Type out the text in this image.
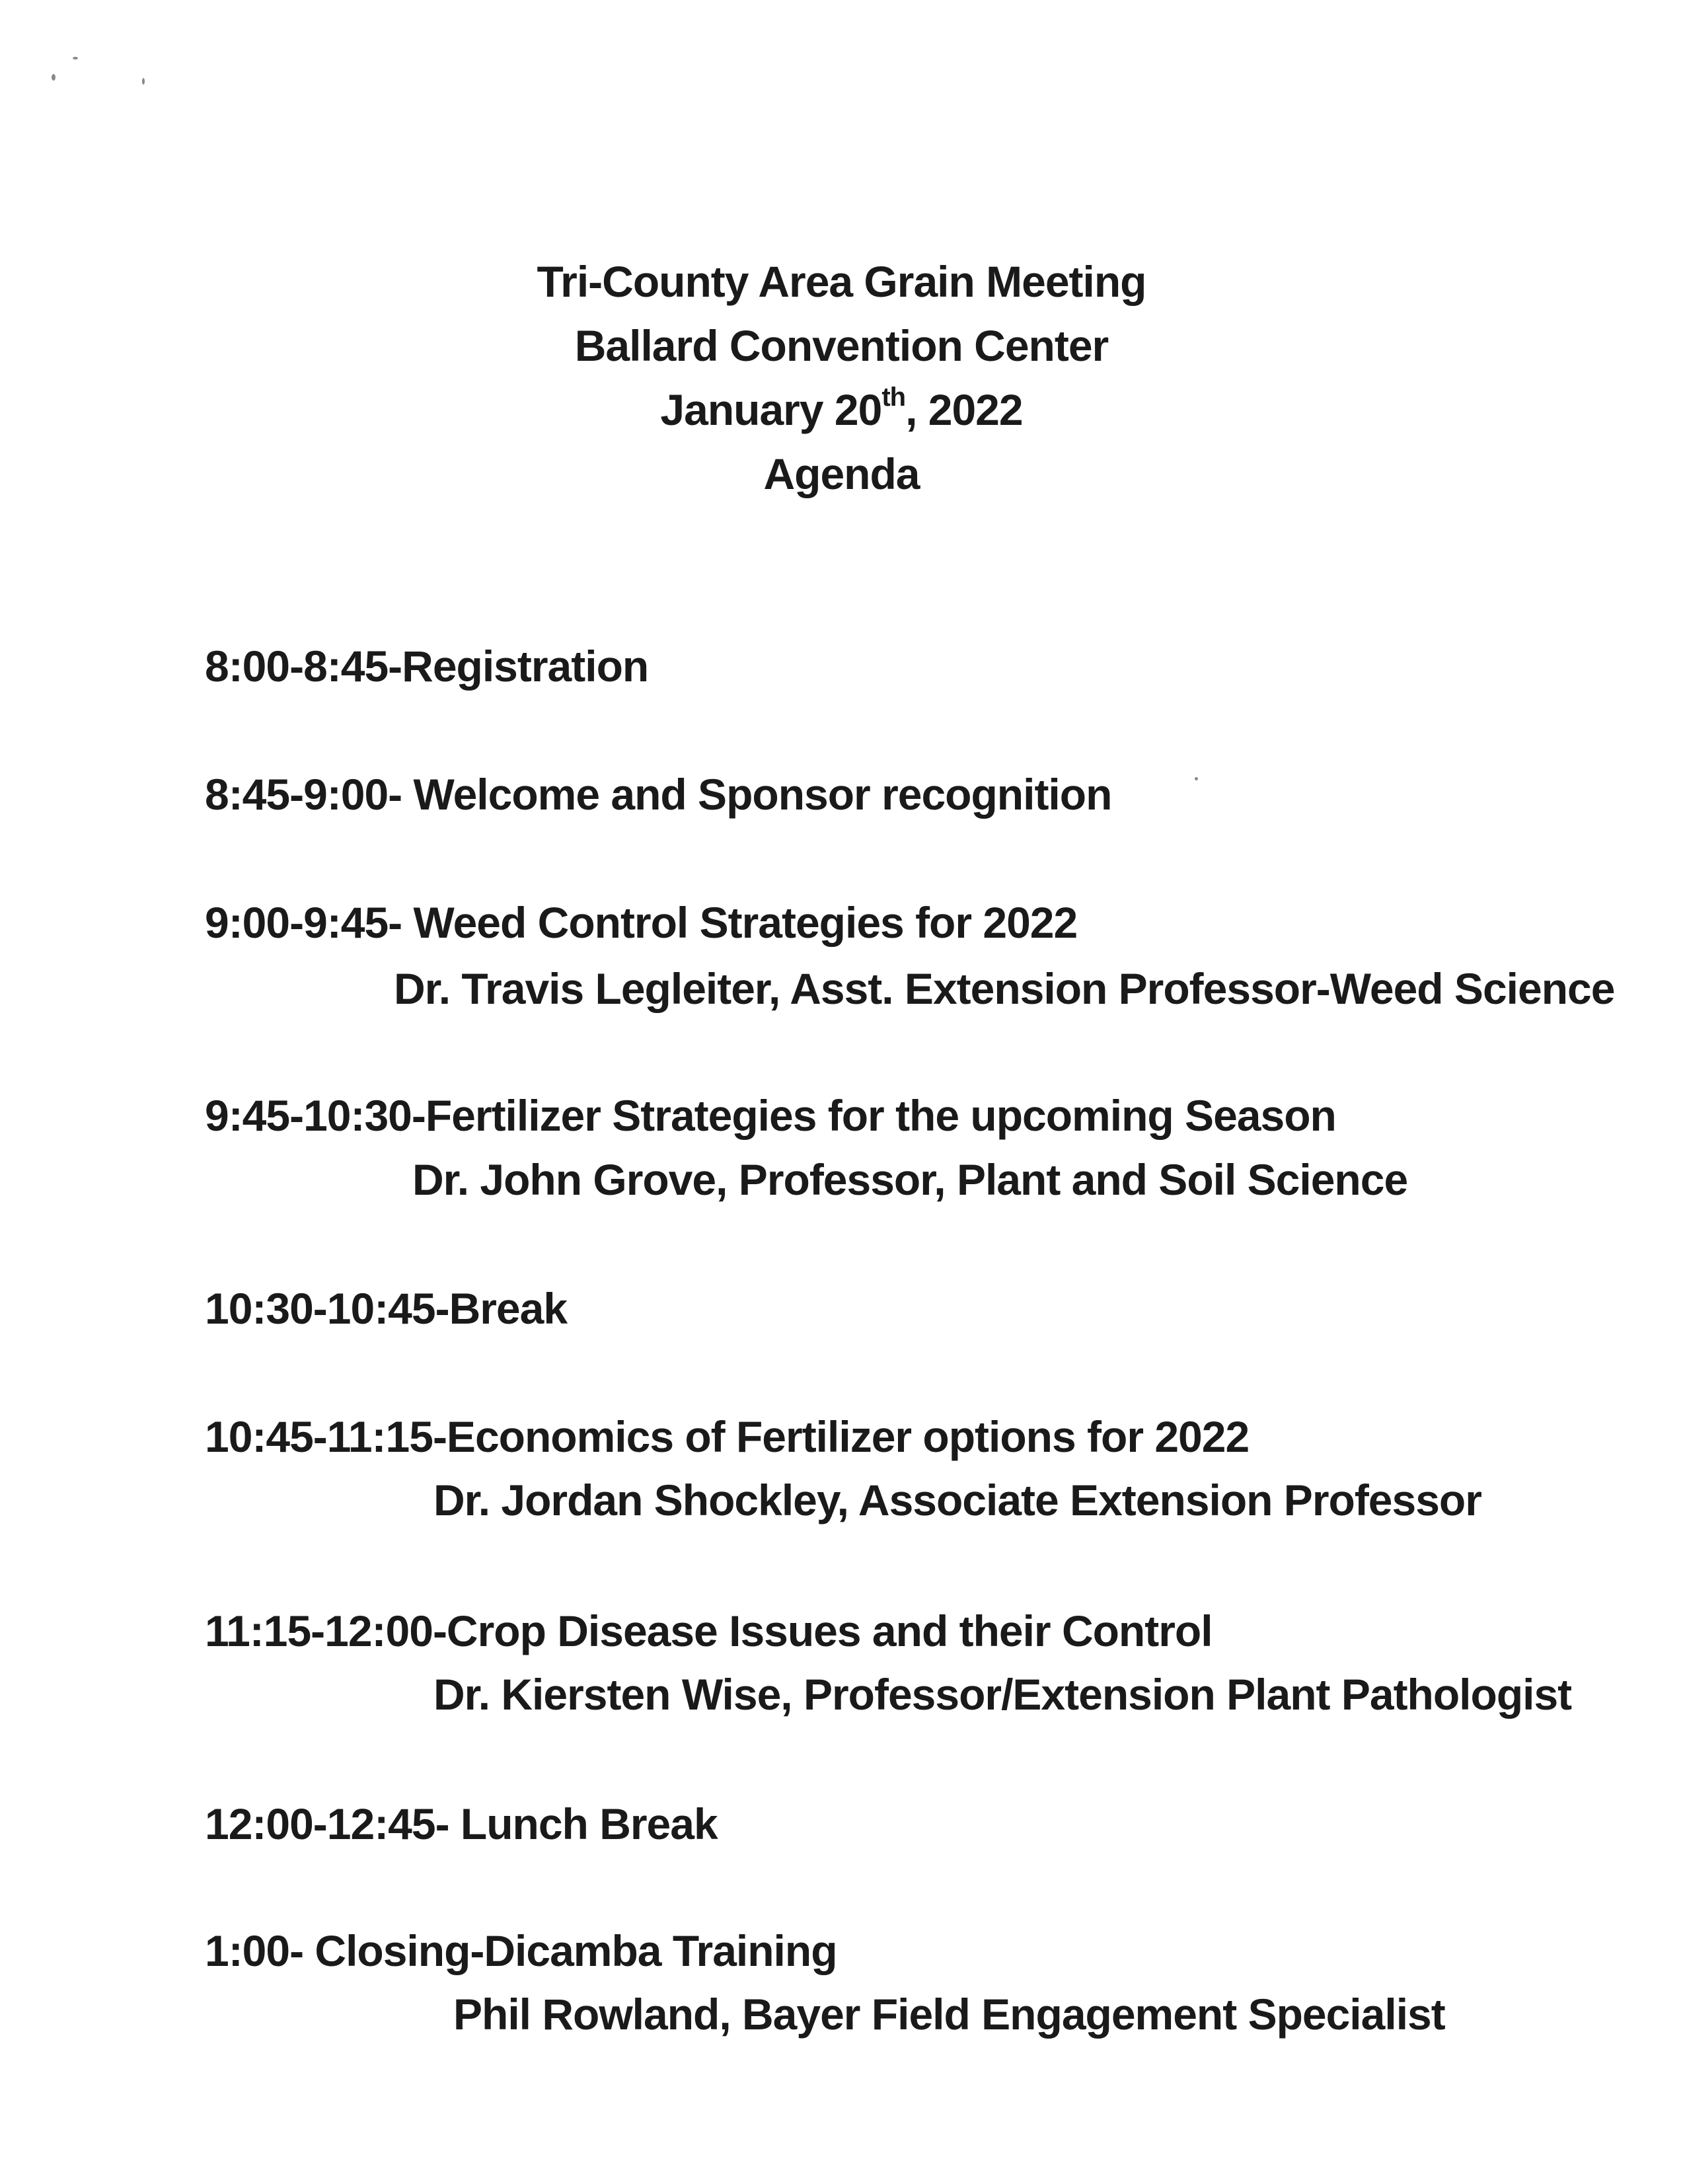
Tri-County Area Grain Meeting
Ballard Convention Center
January 20th, 2022
Agenda
8:00-8:45-Registration
8:45-9:00- Welcome and Sponsor recognition
9:00-9:45- Weed Control Strategies for 2022
Dr. Travis Legleiter, Asst. Extension Professor-Weed Science
9:45-10:30-Fertilizer Strategies for the upcoming Season
Dr. John Grove, Professor, Plant and Soil Science
10:30-10:45-Break
10:45-11:15-Economics of Fertilizer options for 2022
Dr. Jordan Shockley, Associate Extension Professor
11:15-12:00-Crop Disease Issues and their Control
Dr. Kiersten Wise, Professor/Extension Plant Pathologist
12:00-12:45- Lunch Break
1:00- Closing-Dicamba Training
Phil Rowland, Bayer Field Engagement Specialist
